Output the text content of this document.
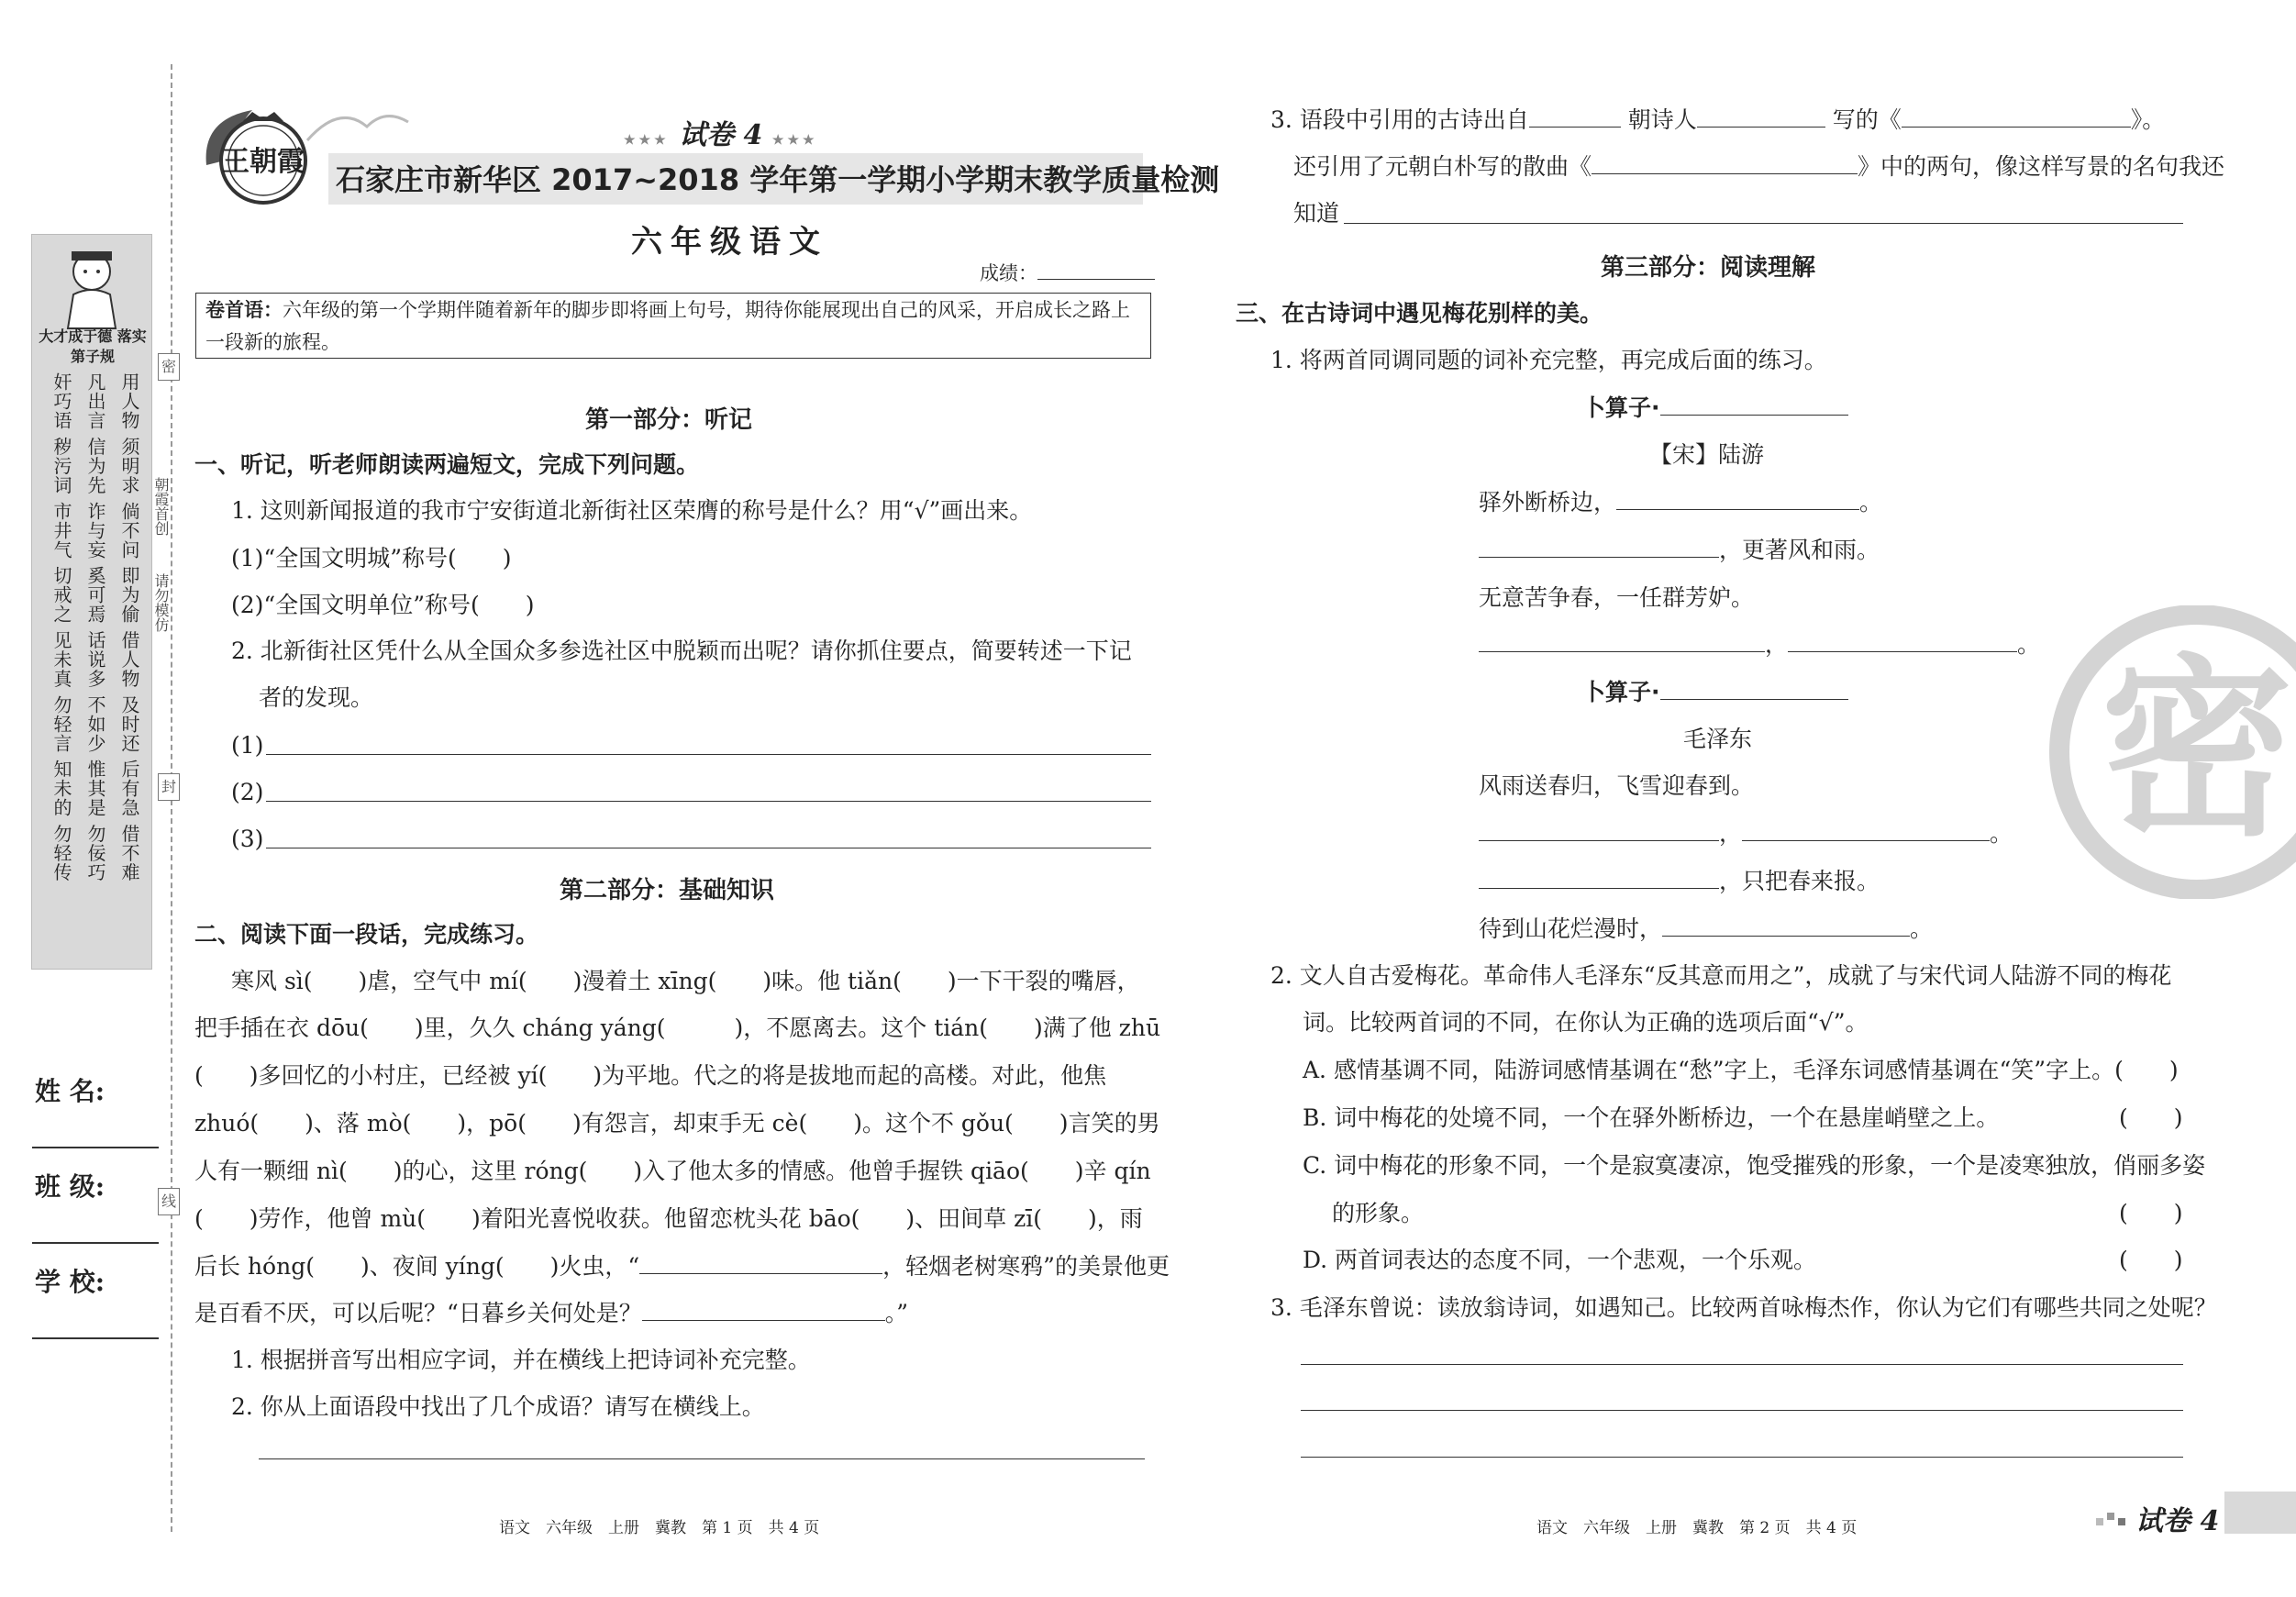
大才成于德 落实第子规
用人物 须明求 倘不问 即为偷 借人物 及时还 后有急 借不难
凡出言 信为先 诈与妄 奚可焉 话说多 不如少 惟其是 勿佞巧
奸巧语 秽污词 市井气 切戒之 见未真 勿轻言 知未的 勿轻传
密
封
线
朝霞首创
请勿模仿
姓 名:
班 级:
学 校:
王朝霞
★★★ 试卷 4 ★★★
石家庄市新华区 2017~2018 学年第一学期小学期末教学质量检测
六年级语文
成绩：
卷首语：六年级的第一个学期伴随着新年的脚步即将画上句号，期待你能展现出自己的风采，开启成长之路上一段新的旅程。
第一部分：听记
一、听记，听老师朗读两遍短文，完成下列问题。
1. 这则新闻报道的我市宁安街道北新街社区荣膺的称号是什么？用“√”画出来。
(1)“全国文明城”称号(　　)
(2)“全国文明单位”称号(　　)
2. 北新街社区凭什么从全国众多参选社区中脱颖而出呢？请你抓住要点，简要转述一下记
者的发现。
(1)
(2)
(3)
第二部分：基础知识
二、阅读下面一段话，完成练习。
寒风 sì(　　)虐，空气中 mí(　　)漫着土 xīng(　　)味。他 tiǎn(　　)一下干裂的嘴唇，
把手插在衣 dōu(　　)里，久久 cháng yáng(　　　)，不愿离去。这个 tián(　　)满了他 zhū
(　　)多回忆的小村庄，已经被 yí(　　)为平地。代之的将是拔地而起的高楼。对此，他焦
zhuó(　　)、落 mò(　　)，pō(　　)有怨言，却束手无 cè(　　)。这个不 gǒu(　　)言笑的男
人有一颗细 nì(　　)的心，这里 róng(　　)入了他太多的情感。他曾手握铁 qiāo(　　)辛 qín
(　　)劳作，他曾 mù(　　)着阳光喜悦收获。他留恋枕头花 bāo(　　)、田间草 zī(　　)，雨
后长 hóng(　　)、夜间 yíng(　　)火虫，“	，轻烟老树寒鸦”的美景他更
是百看不厌，可以后呢？“日暮乡关何处是？	。”
1. 根据拼音写出相应字词，并在横线上把诗词补充完整。
2. 你从上面语段中找出了几个成语？请写在横线上。
语文　六年级　上册　冀教　第 1 页　共 4 页
3. 语段中引用的古诗出自	朝诗人	写的《	》。
还引用了元朝白朴写的散曲《	》中的两句，像这样写景的名句我还
知道
第三部分：阅读理解
三、在古诗词中遇见梅花别样的美。
1. 将两首同调同题的词补充完整，再完成后面的练习。
卜算子·
【宋】陆游
驿外断桥边，	。
，更著风和雨。
无意苦争春，一任群芳妒。
，	。
卜算子·
毛泽东
风雨送春归，飞雪迎春到。
，	。
，只把春来报。
待到山花烂漫时，	。
2. 文人自古爱梅花。革命伟人毛泽东“反其意而用之”，成就了与宋代词人陆游不同的梅花
词。比较两首词的不同，在你认为正确的选项后面“√”。
A. 感情基调不同，陆游词感情基调在“愁”字上，毛泽东词感情基调在“笑”字上。(　　)
B. 词中梅花的处境不同，一个在驿外断桥边，一个在悬崖峭壁之上。	(　　)
C. 词中梅花的形象不同，一个是寂寞凄凉，饱受摧残的形象，一个是凌寒独放，俏丽多姿
的形象。	(　　)
D. 两首词表达的态度不同，一个悲观，一个乐观。	(　　)
3. 毛泽东曾说：读放翁诗词，如遇知己。比较两首咏梅杰作，你认为它们有哪些共同之处呢？
密
语文　六年级　上册　冀教　第 2 页　共 4 页	试卷 4
